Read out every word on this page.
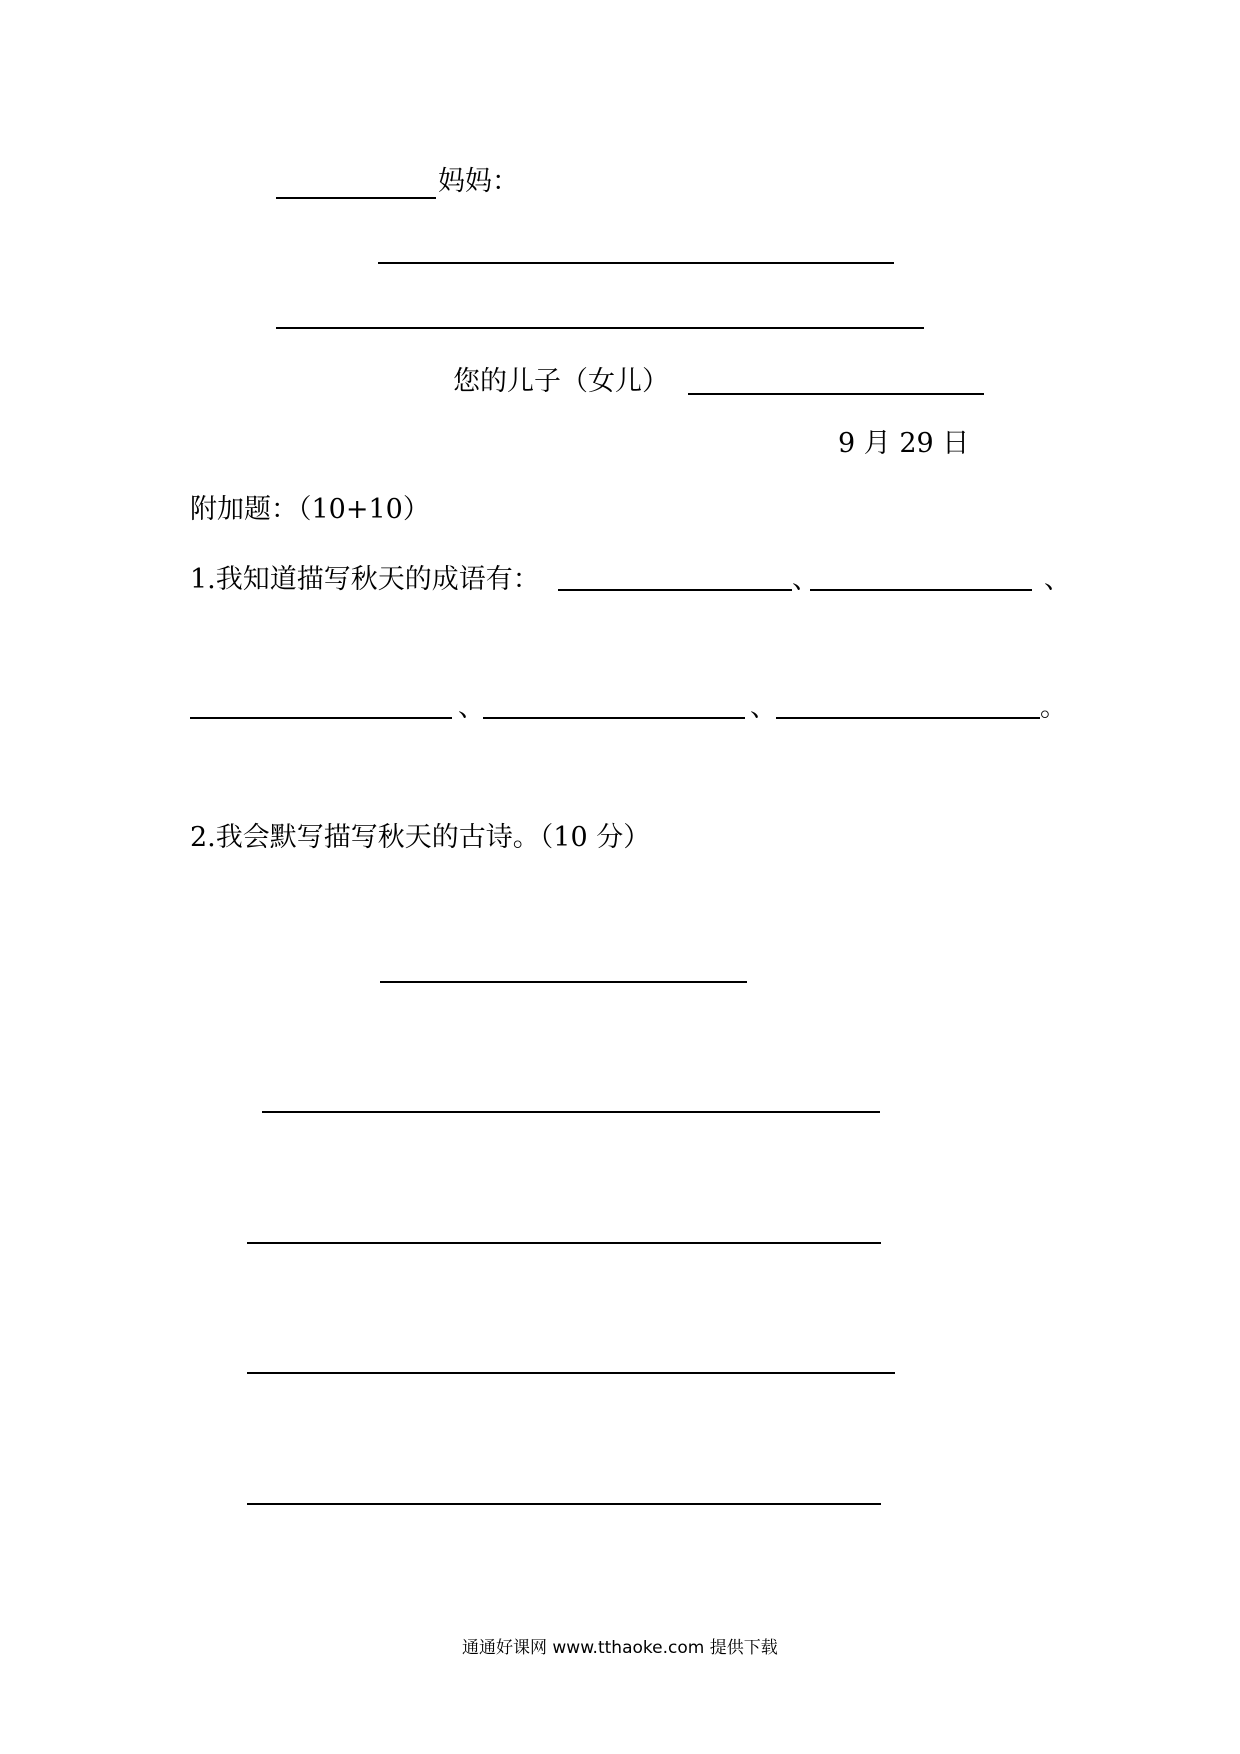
妈妈：
您的儿子（女儿）
9 月 29 日
附加题：（10+10）
1.我知道描写秋天的成语有：	、	、
、	、	。
2.我会默写描写秋天的古诗。（10 分）
通通好课网 www.tthaoke.com 提供下载
